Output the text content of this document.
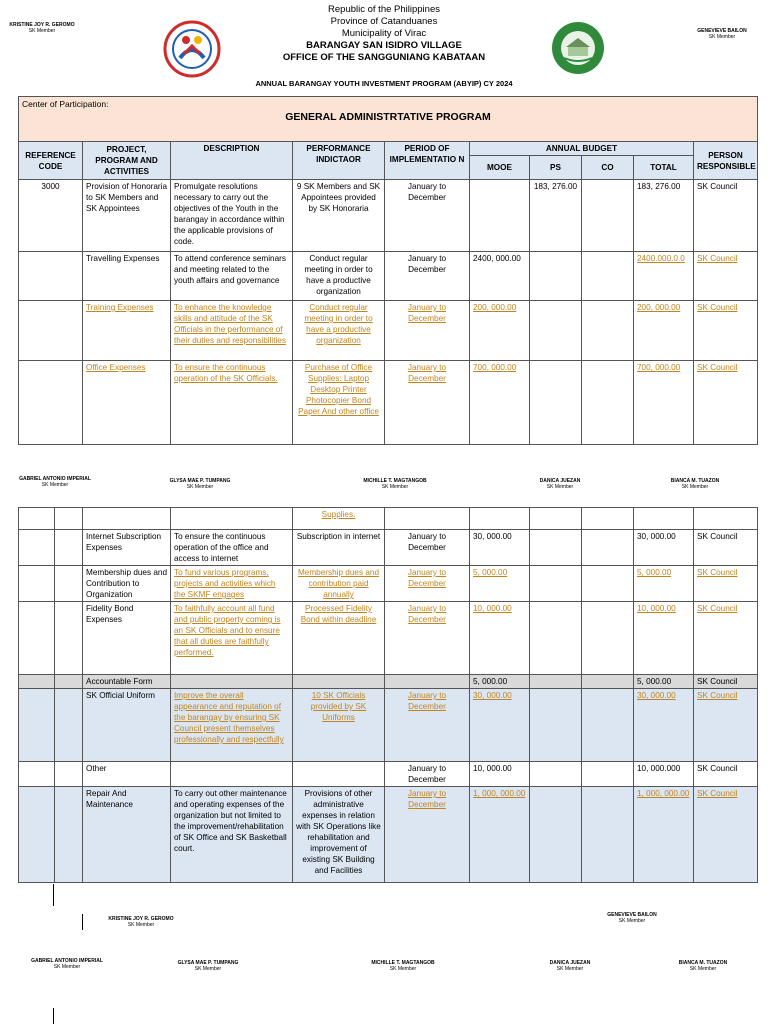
KRISTINE JOY R. GEROMO
SK Member	GENEVIEVE BAILON
SK Member
Republic of the Philippines
Province of Catanduanes
Municipality of Virac
BARANGAY SAN ISIDRO VILLAGE
OFFICE OF THE SANGGUNIANG KABATAAN
ANNUAL BARANGAY YOUTH INVESTMENT PROGRAM (ABYIP) CY 2024
Center of Participation:
GENERAL ADMINISTRTATIVE PROGRAM									

REFERENCE CODE	PROJECT, PROGRAM AND ACTIVITIES	DESCRIPTION	PERFORMANCE INDICTAOR	PERIOD OF IMPLEMENTATIO N	ANNUAL BUDGET				PERSON RESPONSIBLE
					MOOE	PS	CO	TOTAL	
3000	Provision of Honoraria to SK Members and SK Appointees	Promulgate resolutions necessary to carry out the objectives of the Youth in the barangay in accordance within the applicable provisions of code.	9 SK Members and SK Appointees provided by SK Honoraria	January to December		183, 276.00		183, 276.00	SK Council
	Travelling Expenses	To attend conference seminars and meeting related to the youth affairs and governance	Conduct regular meeting in order to have a productive organization	January to December	2400, 000.00			2400.000.0 0	SK Council
	Training Expenses	To enhance the knowledge skills and attitude of the SK Officials in the performance of their duties and responsibilities	Conduct regular meeting in order to have a productive organization	January to December	200, 000.00			200, 000.00	SK Council
	Office Expenses	To ensure the continuous operation of the SK Officials.	Purchase of Office Supplies: Laptop Desktop Printer Photocopier Bond Paper And other office	January to December	700, 000.00			700, 000.00	SK Council
GABRIEL ANTONIO IMPERIAL
SK Member
GLYSA MAE P. TUMPANG
SK Member
MICHILLE T. MAGTANGOB
SK Member
DANICA JUEZAN
SK Member
BIANCA M. TUAZON
SK Member
				Supplies.						
		Internet Subscription Expenses	To ensure the continuous operation of the office and access to internet	Subscription in internet	January to December	30, 000.00			30, 000.00	SK Council
		Membership dues and Contribution to Organization	To fund various programs, projects and activities which the SKMF engages	Membership dues and contribution paid annually	January to December	5, 000.00			5, 000.00	SK Council
		Fidelity Bond Expenses	To faithfully account all fund and public property coming is an SK Officials and to ensure that all duties are faithfully performed.	Processed Fidelity Bond within deadline	January to December	10, 000.00			10, 000.00	SK Council
		Accountable Form				5, 000.00			5, 000.00	SK Council
		SK Official Uniform	Improve the overall appearance and reputation of the barangay by ensuring SK Council present themselves professionally and respectfully	10 SK Officials provided by SK Uniforms	January to December	30, 000.00			30, 000.00	SK Council
		Other			January to December	10, 000.00			10, 000.000	SK Council
		Repair And Maintenance	To carry out other maintenance and operating expenses of the organization but not limited to the improvement/rehabilitation of SK Office and SK Basketball court.	Provisions of other administrative expenses in relation with SK Operations like rehabilitation and improvement of existing SK Building and Facilities	January to December	1, 000, 000.00			1, 000, 000.00	SK Council
KRISTINE JOY R. GEROMO
SK Member
GENEVIEVE BAILON
SK Member
GABRIEL ANTONIO IMPERIAL
SK Member
GLYSA MAE P. TUMPANG
SK Member
MICHILLE T. MAGTANGOB
SK Member
DANICA JUEZAN
SK Member
BIANCA M. TUAZON
SK Member
